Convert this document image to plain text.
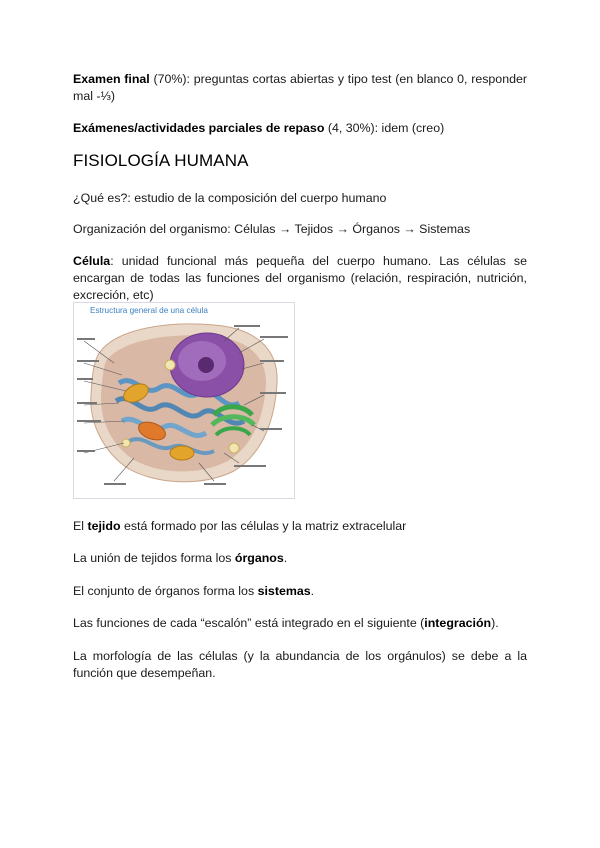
Examen final (70%): preguntas cortas abiertas y tipo test (en blanco 0, responder mal -⅓)

Exámenes/actividades parciales de repaso (4, 30%): idem (creo)

FISIOLOGÍA HUMANA

¿Qué es?: estudio de la composición del cuerpo humano

Organización del organismo: Células → Tejidos → Órganos → Sistemas

Célula: unidad funcional más pequeña del cuerpo humano. Las células se encargan de todas las funciones del organismo (relación, respiración, nutrición, excreción, etc)

Estructura general de una célula

El tejido está formado por las células y la matriz extracelular

La unión de tejidos forma los órganos.

El conjunto de órganos forma los sistemas.

Las funciones de cada “escalón” está integrado en el siguiente (integración).

La morfología de las células (y la abundancia de los orgánulos) se debe a la función que desempeñan.
